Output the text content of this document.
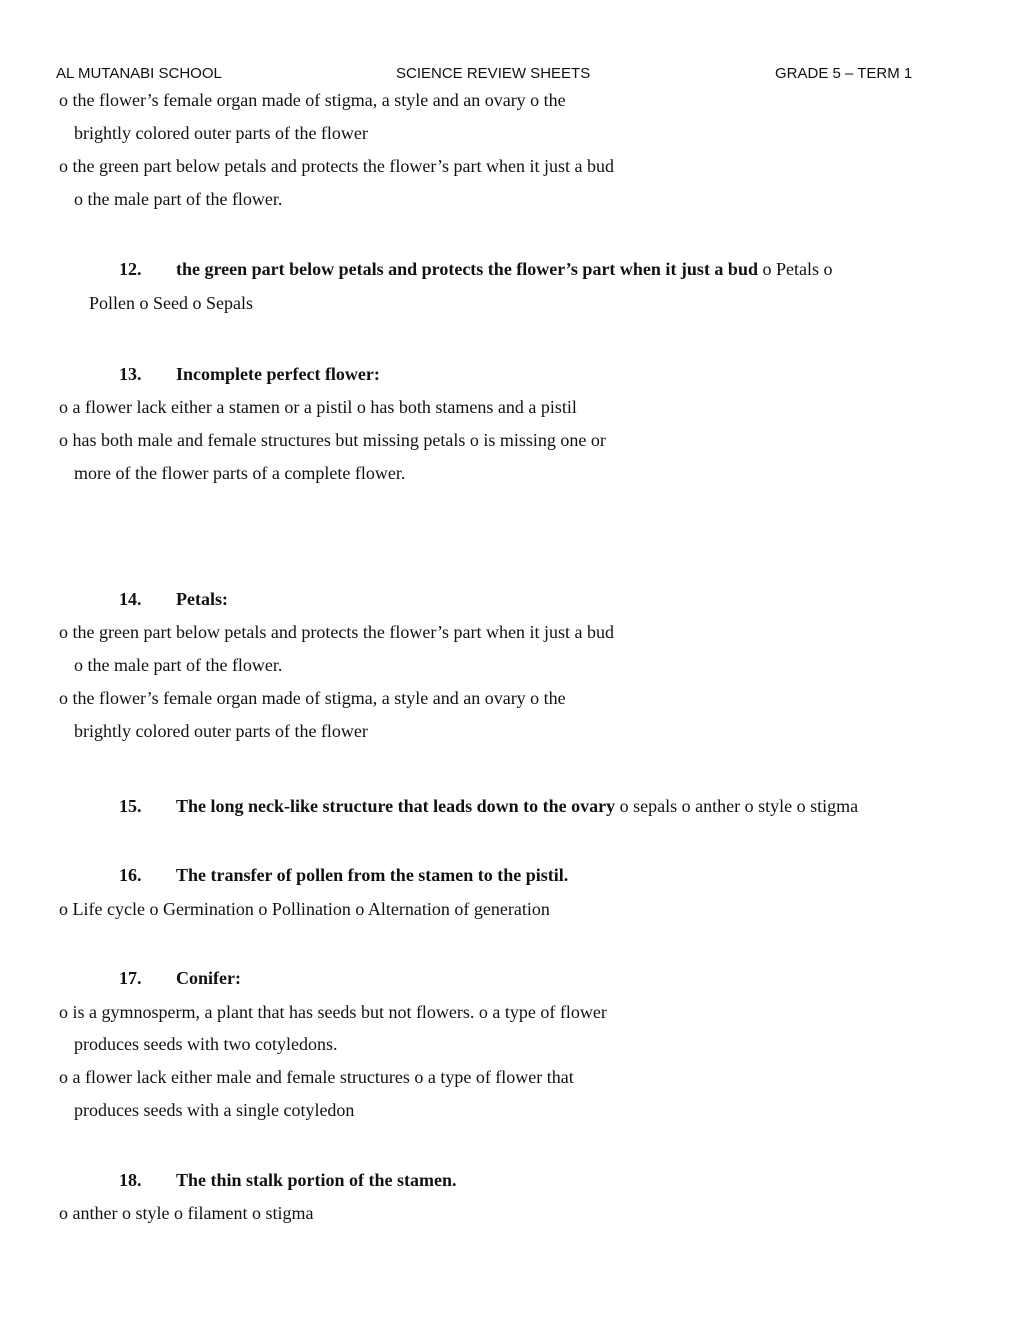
AL MUTANABI SCHOOL	SCIENCE REVIEW SHEETS	GRADE 5 – TERM 1
o the flower’s female organ made of stigma, a style and an ovary o the
brightly colored outer parts of the flower
o the green part below petals and protects the flower’s part when it just a bud
o the male part of the flower.
12. the green part below petals and protects the flower’s part when it just a bud o Petals o
Pollen o Seed o Sepals
13. Incomplete perfect flower:
o a flower lack either a stamen or a pistil o has both stamens and a pistil
o has both male and female structures but missing petals o is missing one or
more of the flower parts of a complete flower.
14. Petals:
o the green part below petals and protects the flower’s part when it just a bud
o the male part of the flower.
o the flower’s female organ made of stigma, a style and an ovary o the
brightly colored outer parts of the flower
15. The long neck-like structure that leads down to the ovary o sepals o anther o style o stigma
16. The transfer of pollen from the stamen to the pistil.
o Life cycle o Germination o Pollination o Alternation of generation
17. Conifer:
o is a gymnosperm, a plant that has seeds but not flowers. o a type of flower
produces seeds with two cotyledons.
o a flower lack either male and female structures o a type of flower that
produces seeds with a single cotyledon
18. The thin stalk portion of the stamen.
o anther o style o filament o stigma
